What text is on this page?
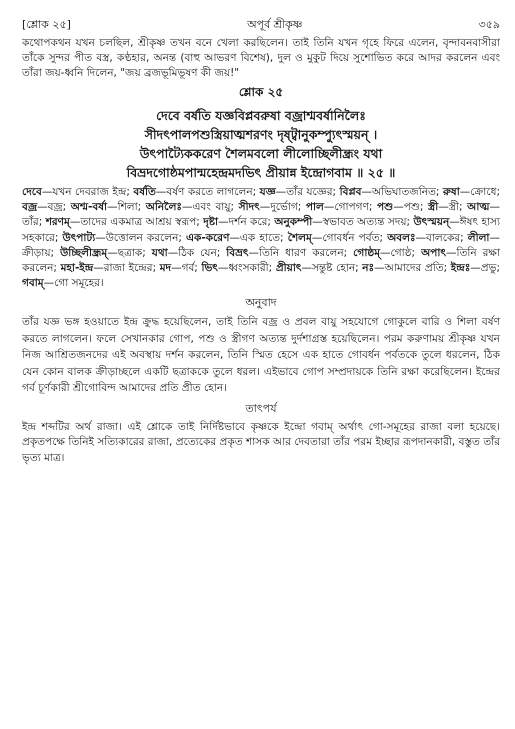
[শ্লোক ২৫]	অপূর্ব শ্রীকৃষ্ণ	৩৫৯

কথোপকথন যখন চলছিল, শ্রীকৃষ্ণ তখন বনে খেলা করছিলেন। তাই তিনি যখন গৃহে ফিরে এলেন, বৃন্দাবনবাসীরা তাঁকে সুন্দর পীত বস্ত্র, কণ্ঠহার, অনন্ত (বাহু আভরণ বিশেষ), দুল ও মুকুট দিয়ে সুশোভিত করে আদর করলেন এবং তাঁরা জয়-ধ্বনি দিলেন, "জয় ব্রজভূমিভূষণ কী জয়!"

শ্লোক ২৫
দেবে বর্ষতি যজ্ঞবিপ্লবরুষা বজ্রাশ্মবর্ষানিলৈঃ
সীদৎপালপশুস্ত্রিয়াত্মশরণং দৃষ্ট্বানুকম্প্যুৎস্ময়ন্ ।
উৎপাট্যৈককরেণ শৈলমবলো লীলোচ্ছিলীন্ধ্রং যথা
বিভ্রদগোষ্ঠমপান্মহেন্দ্রমদভিৎ প্রীয়ান্ন ইন্দ্রোগবাম ॥ ২৫ ॥

দেবে—যখন দেবরাজ ইন্দ্র; বর্ষতি—বর্ষণ করতে লাগলেন; যজ্ঞ—তাঁর যজ্ঞের; বিপ্লব—অভিঘাতজনিত; রুষা—ক্রোধে; বজ্র—বজ্র; অশ্ম-বর্ষা—শিলা; অনিলৈঃ—এবং বায়ু; সীদৎ—দুর্ভোগ; পাল—গোপগণ; পশু—পশু; স্ত্রী—স্ত্রী; আত্ম—তাঁর; শরণম্—তাদের একমাত্র আশ্রয় স্বরূপ; দৃষ্টা—দর্শন করে; অনুকম্পী—স্বভাবত অত্যন্ত সদয়; উৎস্ময়ন্—ঈষৎ হাস্য সহকারে; উৎপাট্য—উত্তোলন করলেন; এক-করেণ—এক হাতে; শৈলম্—গোবর্ধন পর্বত; অবলঃ—বালকের; লীলা—ক্রীড়ায়; উচ্ছিলীন্ধ্রম্—ছত্রাক; যথা—ঠিক যেন; বিভ্রৎ—তিনি ধারণ করলেন; গোষ্ঠম্—গোষ্ঠ; অপাৎ—তিনি রক্ষা করলেন; মহা-ইন্দ্র—রাজা ইন্দ্রের; মদ—গর্ব; ভিৎ—ধ্বংসকারী; প্রীয়াৎ—সন্তুষ্ট হোন; নঃ—আমাদের প্রতি; ইন্দ্রঃ—প্রভু; গবাম্—গো সমূহের।

অনুবাদ

তাঁর যজ্ঞ ভঙ্গ হওয়াতে ইন্দ্র ক্রুদ্ধ হয়েছিলেন, তাই তিনি বজ্র ও প্রবল বায়ু সহযোগে গোকুলে বারি ও শিলা বর্ষণ করতে লাগলেন। ফলে সেখানকার গোপ, পশু ও স্ত্রীগণ অত্যন্ত দুর্দশাগ্রস্ত হয়েছিলেন। পরম করুণাময় শ্রীকৃষ্ণ যখন নিজ আশ্রিতজনদের এই অবস্থায় দর্শন করলেন, তিনি স্মিত হেসে এক হাতে গোবর্ধন পর্বতকে তুলে ধরলেন, ঠিক যেন কোন বালক ক্রীড়াচ্ছলে একটি ছত্রাককে তুলে ধরল। এইভাবে গোপ সম্প্রদায়কে তিনি রক্ষা করেছিলেন। ইন্দ্রের গর্ব চূর্ণকারী শ্রীগোবিন্দ আমাদের প্রতি প্রীত হোন।

তাৎপর্য

ইন্দ্র শব্দটির অর্থ রাজা। এই শ্লোকে তাই নির্দিষ্টভাবে কৃষ্ণকে ইন্দ্রো গবাম্ অর্থাৎ গো-সমূহের রাজা বলা হয়েছে। প্রকৃতপক্ষে তিনিই সত্যিকারের রাজা, প্রত্যেকের প্রকৃত শাসক আর দেবতারা তাঁর পরম ইচ্ছার রূপদানকারী, বস্তুত তাঁর ভৃত্য মাত্র।
